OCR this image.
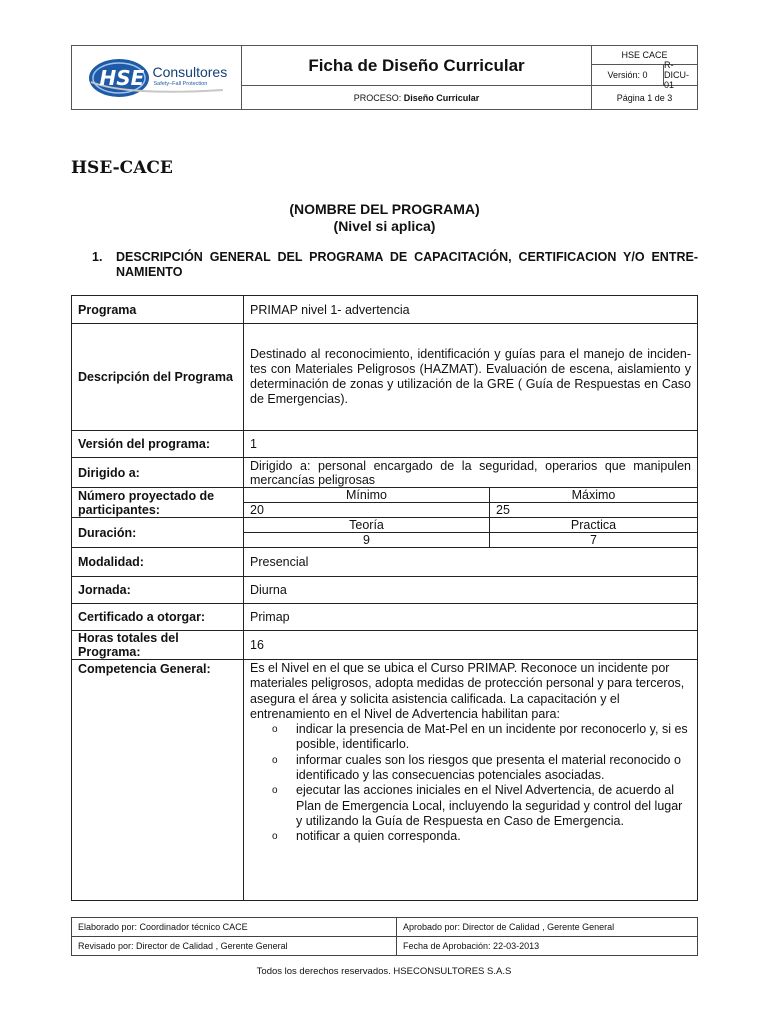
HSE Consultores
Safety–Fall Protection
Ficha de Diseño Curricular
PROCESO:
Diseño Curricular
HSE CACE
Versión: 0
R-DICU-01
Página 1 de 3
HSE-CACE
(NOMBRE DEL PROGRAMA)
(Nivel si aplica)
1. DESCRIPCIÓN GENERAL DEL PROGRAMA DE CAPACITACIÓN, CERTIFICACION Y/O ENTRE-NAMIENTO
Programa	PRIMAP nivel 1- advertencia
Descripción del Programa
Destinado al reconocimiento, identificación y guías para el manejo de inciden-tes con Materiales Peligrosos (HAZMAT). Evaluación de escena, aislamiento y determinación de zonas y utilización de la GRE ( Guía de Respuestas en Caso de Emergencias).
Versión del programa:	1
Dirigido a:	Dirigido a: personal encargado de la seguridad, operarios que manipulen mercancías peligrosas
Número proyectado de participantes:
Mínimo	Máximo
20	25
Duración:
Teoría	Practica
9	7
Modalidad:	Presencial
Jornada:	Diurna
Certificado a otorgar:	Primap
Horas totales del Programa:	16
Competencia General:	Es el Nivel en el que se ubica el Curso PRIMAP. Reconoce un incidente por materiales peligrosos, adopta medidas de protección personal y para terceros, asegura el área y solicita asistencia calificada. La capacitación y el entrenamiento en el Nivel de Advertencia habilitan para:
o indicar la presencia de Mat-Pel en un incidente por reconocerlo y, si es posible, identificarlo.
o informar cuales son los riesgos que presenta el material reconocido o identificado y las consecuencias potenciales asociadas.
o ejecutar las acciones iniciales en el Nivel Advertencia, de acuerdo al Plan de Emergencia Local, incluyendo la seguridad y control del lugar y utilizando la Guía de Respuesta en Caso de Emergencia.
o notificar a quien corresponda.
Elaborado por: Coordinador técnico CACE	Aprobado por: Director de Calidad , Gerente General
Revisado por: Director de Calidad , Gerente General	Fecha de Aprobación: 22-03-2013
Todos los derechos reservados. HSECONSULTORES S.A.S
